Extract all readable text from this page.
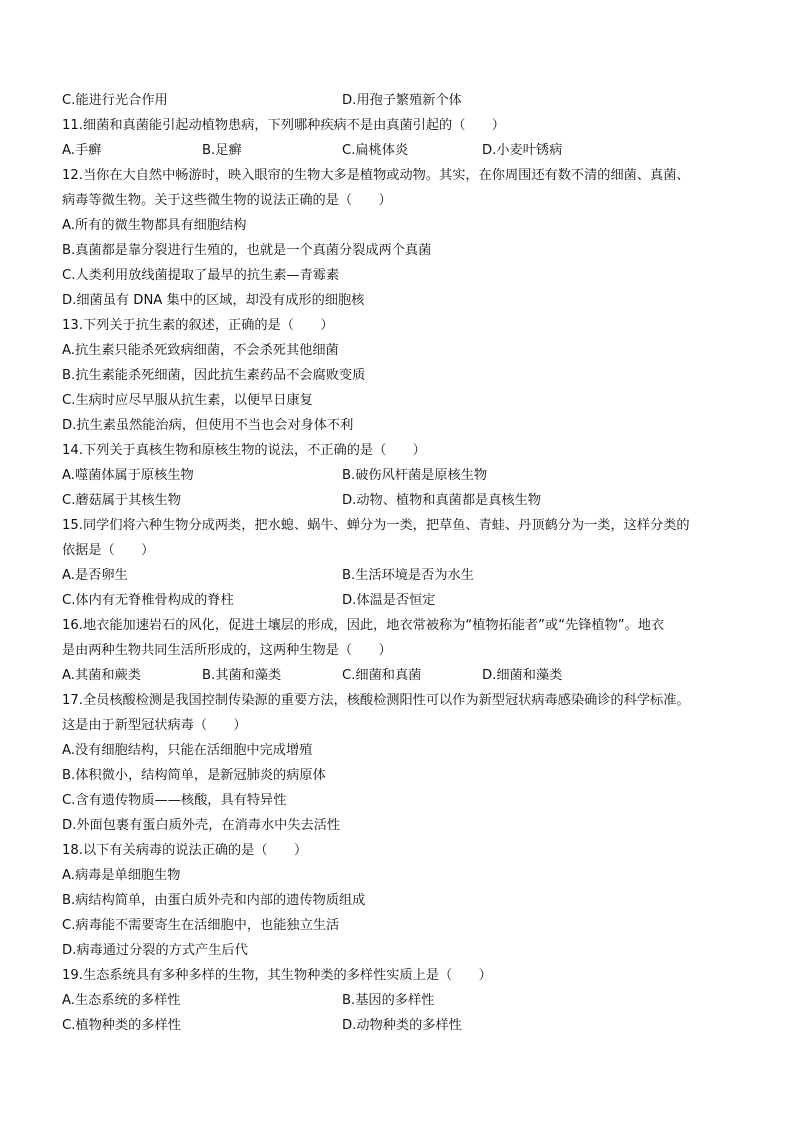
C.能进行光合作用	D.用孢子繁殖新个体
11.细菌和真菌能引起动植物患病，下列哪种疾病不是由真菌引起的（　　）
A.手癣	B.足癣	C.扁桃体炎	D.小麦叶锈病
12.当你在大自然中畅游时，映入眼帘的生物大多是植物或动物。其实，在你周围还有数不清的细菌、真菌、
病毒等微生物。关于这些微生物的说法正确的是（　　）
A.所有的微生物都具有细胞结构
B.真菌都是靠分裂进行生殖的，也就是一个真菌分裂成两个真菌
C.人类利用放线菌提取了最早的抗生素—青霉素
D.细菌虽有 DNA 集中的区域，却没有成形的细胞核
13.下列关于抗生素的叙述，正确的是（　　）
A.抗生素只能杀死致病细菌，不会杀死其他细菌
B.抗生素能杀死细菌，因此抗生素药品不会腐败变质
C.生病时应尽早服从抗生素，以便早日康复
D.抗生素虽然能治病，但使用不当也会对身体不利
14.下列关于真核生物和原核生物的说法，不正确的是（　　）
A.噬菌体属于原核生物	B.破伤风杆菌是原核生物
C.蘑菇属于其核生物	D.动物、植物和真菌都是真核生物
15.同学们将六种生物分成两类，把水螅、蜗牛、蝉分为一类，把草鱼、青蛙、丹顶鹤分为一类，这样分类的
依据是（　　）
A.是否卵生	B.生活环境是否为水生
C.体内有无脊椎骨构成的脊柱	D.体温是否恒定
16.地衣能加速岩石的风化，促进土壤层的形成，因此，地衣常被称为“植物拓能者”或“先锋植物”。地衣
是由两种生物共同生活所形成的，这两种生物是（　　）
A.其菌和蕨类	B.其菌和藻类	C.细菌和真菌	D.细菌和藻类
17.全员核酸检测是我国控制传染源的重要方法，核酸检测阳性可以作为新型冠状病毒感染确诊的科学标准。
这是由于新型冠状病毒（　　）
A.没有细胞结构，只能在活细胞中完成增殖
B.体积微小，结构简单，是新冠肺炎的病原体
C.含有遗传物质——核酸，具有特异性
D.外面包裹有蛋白质外壳，在消毒水中失去活性
18.以下有关病毒的说法正确的是（　　）
A.病毒是单细胞生物
B.病结构简单，由蛋白质外壳和内部的遗传物质组成
C.病毒能不需要寄生在活细胞中，也能独立生活
D.病毒通过分裂的方式产生后代
19.生态系统具有多种多样的生物，其生物种类的多样性实质上是（　　）
A.生态系统的多样性	B.基因的多样性
C.植物种类的多样性	D.动物种类的多样性
